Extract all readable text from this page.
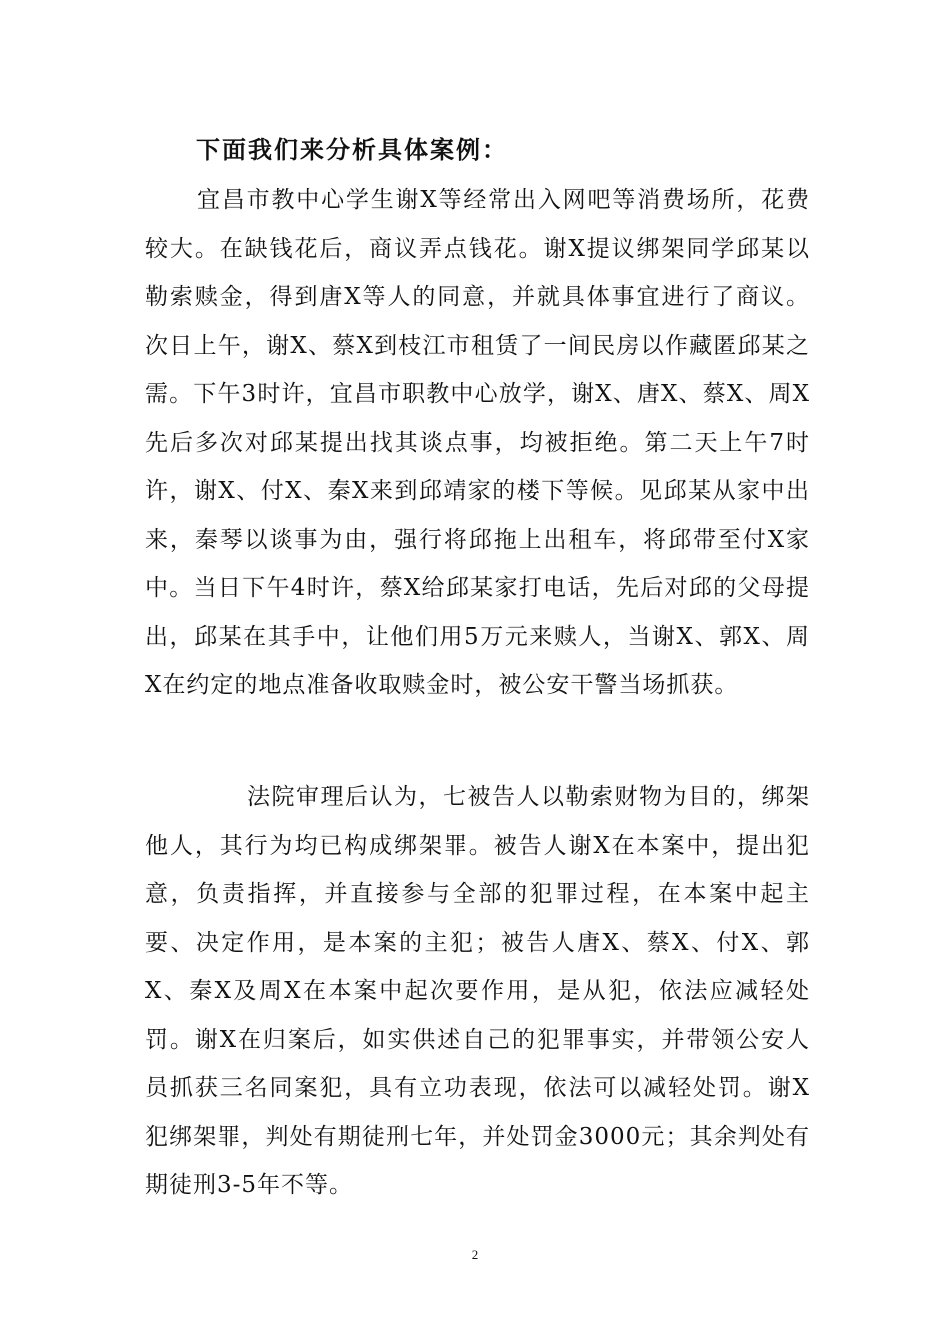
下面我们来分析具体案例：

宜昌市教中心学生谢X等经常出入网吧等消费场所，花费较大。在缺钱花后，商议弄点钱花。谢X提议绑架同学邱某以勒索赎金，得到唐X等人的同意，并就具体事宜进行了商议。次日上午，谢X、蔡X到枝江市租赁了一间民房以作藏匿邱某之需。下午3时许，宜昌市职教中心放学，谢X、唐X、蔡X、周X先后多次对邱某提出找其谈点事，均被拒绝。第二天上午7时许，谢X、付X、秦X来到邱靖家的楼下等候。见邱某从家中出来，秦琴以谈事为由，强行将邱拖上出租车，将邱带至付X家中。当日下午4时许，蔡X给邱某家打电话，先后对邱的父母提出，邱某在其手中，让他们用5万元来赎人，当谢X、郭X、周X在约定的地点准备收取赎金时，被公安干警当场抓获。

法院审理后认为，七被告人以勒索财物为目的，绑架他人，其行为均已构成绑架罪。被告人谢X在本案中，提出犯意，负责指挥，并直接参与全部的犯罪过程，在本案中起主要、决定作用，是本案的主犯；被告人唐X、蔡X、付X、郭X、秦X及周X在本案中起次要作用，是从犯，依法应减轻处罚。谢X在归案后，如实供述自己的犯罪事实，并带领公安人员抓获三名同案犯，具有立功表现，依法可以减轻处罚。谢X犯绑架罪，判处有期徒刑七年，并处罚金3000元；其余判处有期徒刑3-5年不等。

2
